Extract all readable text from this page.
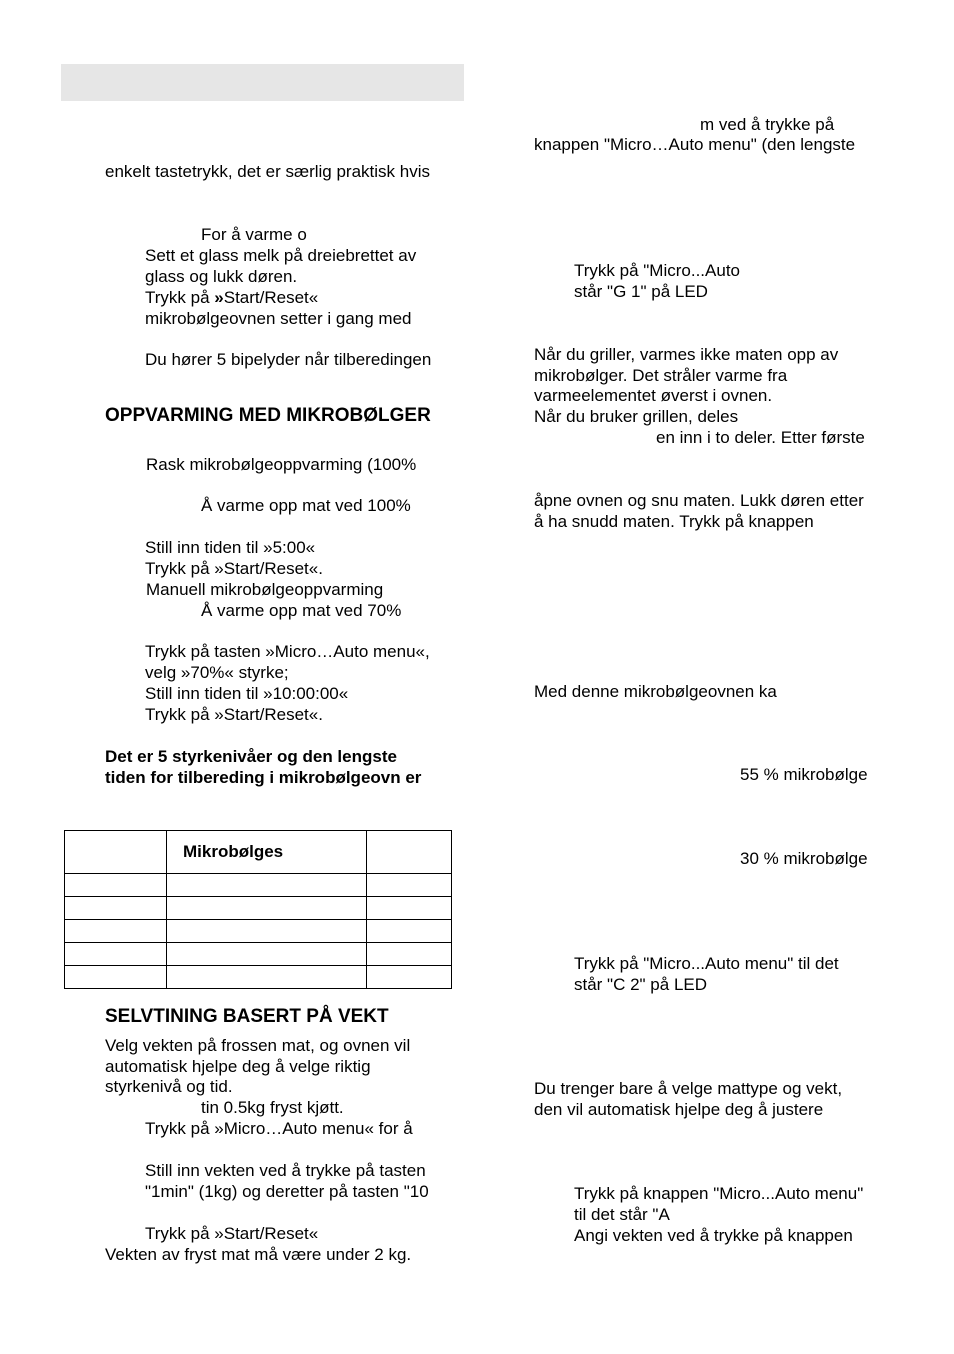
enkelt tastetrykk, det er særlig praktisk hvis
For å varme o
Sett et glass melk på dreiebrettet av
glass og lukk døren.
Trykk på »Start/Reset«
mikrobølgeovnen setter i gang med
Du hører 5 bipelyder når tilberedingen
OPPVARMING MED MIKROBØLGER
Rask mikrobølgeoppvarming (100%
Å varme opp mat ved 100%
Still inn tiden til »5:00«
Trykk på »Start/Reset«.
Manuell mikrobølgeoppvarming
Å varme opp mat ved 70%
Trykk på tasten »Micro…Auto menu«,
velg »70%« styrke;
Still inn tiden til »10:00:00«
Trykk på »Start/Reset«.
Det er 5 styrkenivåer og den lengste
tiden for tilbereding i mikrobølgeovn er
	Mikrobølges	

SELVTINING BASERT PÅ VEKT
Velg vekten på frossen mat, og ovnen vil
automatisk hjelpe deg å velge riktig
styrkenivå og tid.
tin 0.5kg fryst kjøtt.
Trykk på »Micro…Auto menu« for å
Still inn vekten ved å trykke på tasten
"1min" (1kg) og deretter på tasten "10
Trykk på »Start/Reset«
Vekten av fryst mat må være under 2 kg.
m ved å trykke på
knappen "Micro…Auto menu" (den lengste
Trykk på "Micro...Auto
står "G 1" på LED
Når du griller, varmes ikke maten opp av
mikrobølger. Det stråler varme fra
varmeelementet øverst i ovnen.
Når du bruker grillen, deles
en inn i to deler. Etter første
åpne ovnen og snu maten. Lukk døren etter
å ha snudd maten. Trykk på knappen
Med denne mikrobølgeovnen ka
55 % mikrobølge
30 % mikrobølge
Trykk på "Micro...Auto menu" til det
står "C 2" på LED
Du trenger bare å velge mattype og vekt,
den vil automatisk hjelpe deg å justere
Trykk på knappen "Micro...Auto menu"
til det står "A
Angi vekten ved å trykke på knappen
